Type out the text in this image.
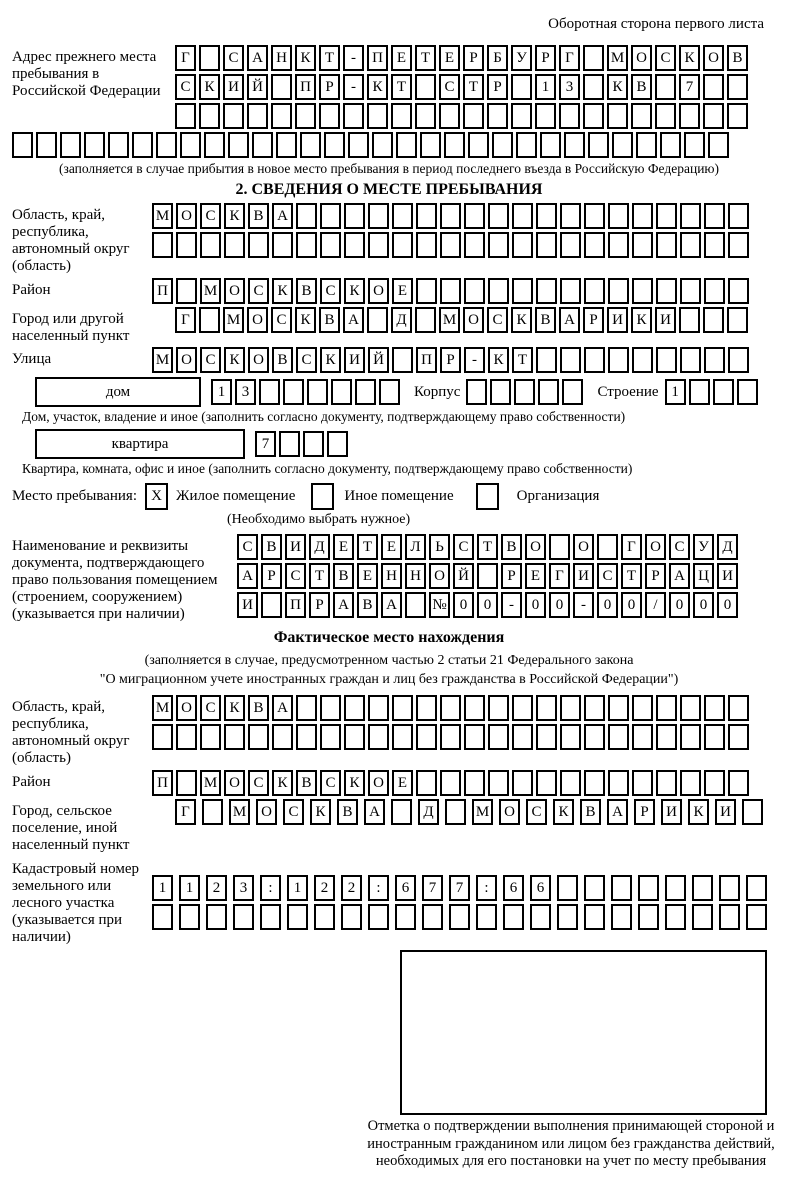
Оборотная сторона первого листа
Адрес прежнего места пребывания в Российской Федерации
Г	С А Н К Т	-	П Е Т Е	Р	Б У Р	Г	М О С К О В
С К И Й	П Р	-	К Т	С Т	Р	1	3	К В	7
(заполняется в случае прибытия в новое место пребывания в период последнего въезда в Российскую Федерацию)
2. СВЕДЕНИЯ О МЕСТЕ ПРЕБЫВАНИЯ
Область, край, республика, автономный округ (область)
М О С К В А
Район	П	М О С К В С К О Е
Город или другой населенный пункт
Г	М О С К В А	Д	М О С К В А Р И К И
Улица	М О С К О В С К И Й	П Р	-	К Т
дом	1	3	Корпус	Строение 1
Дом, участок, владение и иное (заполнить согласно документу, подтверждающему право собственности)
квартира	7
Квартира, комната, офис и иное (заполнить согласно документу, подтверждающему право собственности)
Место пребывания: X Жилое помещение	Иное помещение	Организация
(Необходимо выбрать нужное)
Наименование и реквизиты документа, подтверждающего право пользования помещением (строением, сооружением) (указывается при наличии)
С В И Д Е Т Е Л Ь С Т В О	О	Г О С У Д
А Р С Т В Е Н Н О Й	Р	Е	Г И С Т	Р А Ц И
И	П Р А В А	№ 0	0	-	0	0	-	0	0	/	0	0	0
Фактическое место нахождения
(заполняется в случае, предусмотренном частью 2 статьи 21 Федерального закона
"О миграционном учете иностранных граждан и лиц без гражданства в Российской Федерации")
Область, край, республика, автономный округ (область)
М О С К В А
Район	П	М О С К В С К О Е
Город, сельское поселение, иной населенный пункт
Г	М О	С	К	В	А	Д	М О	С	К	В	А	Р	И	К	И
Кадастровый номер земельного или лесного участка (указывается при наличии)
1	1	2	3	:	1	2	2	:	6	7	7	:	6	6
Отметка о подтверждении выполнения принимающей стороной и иностранным гражданином или лицом без гражданства действий, необходимых для его постановки на учет по месту пребывания
